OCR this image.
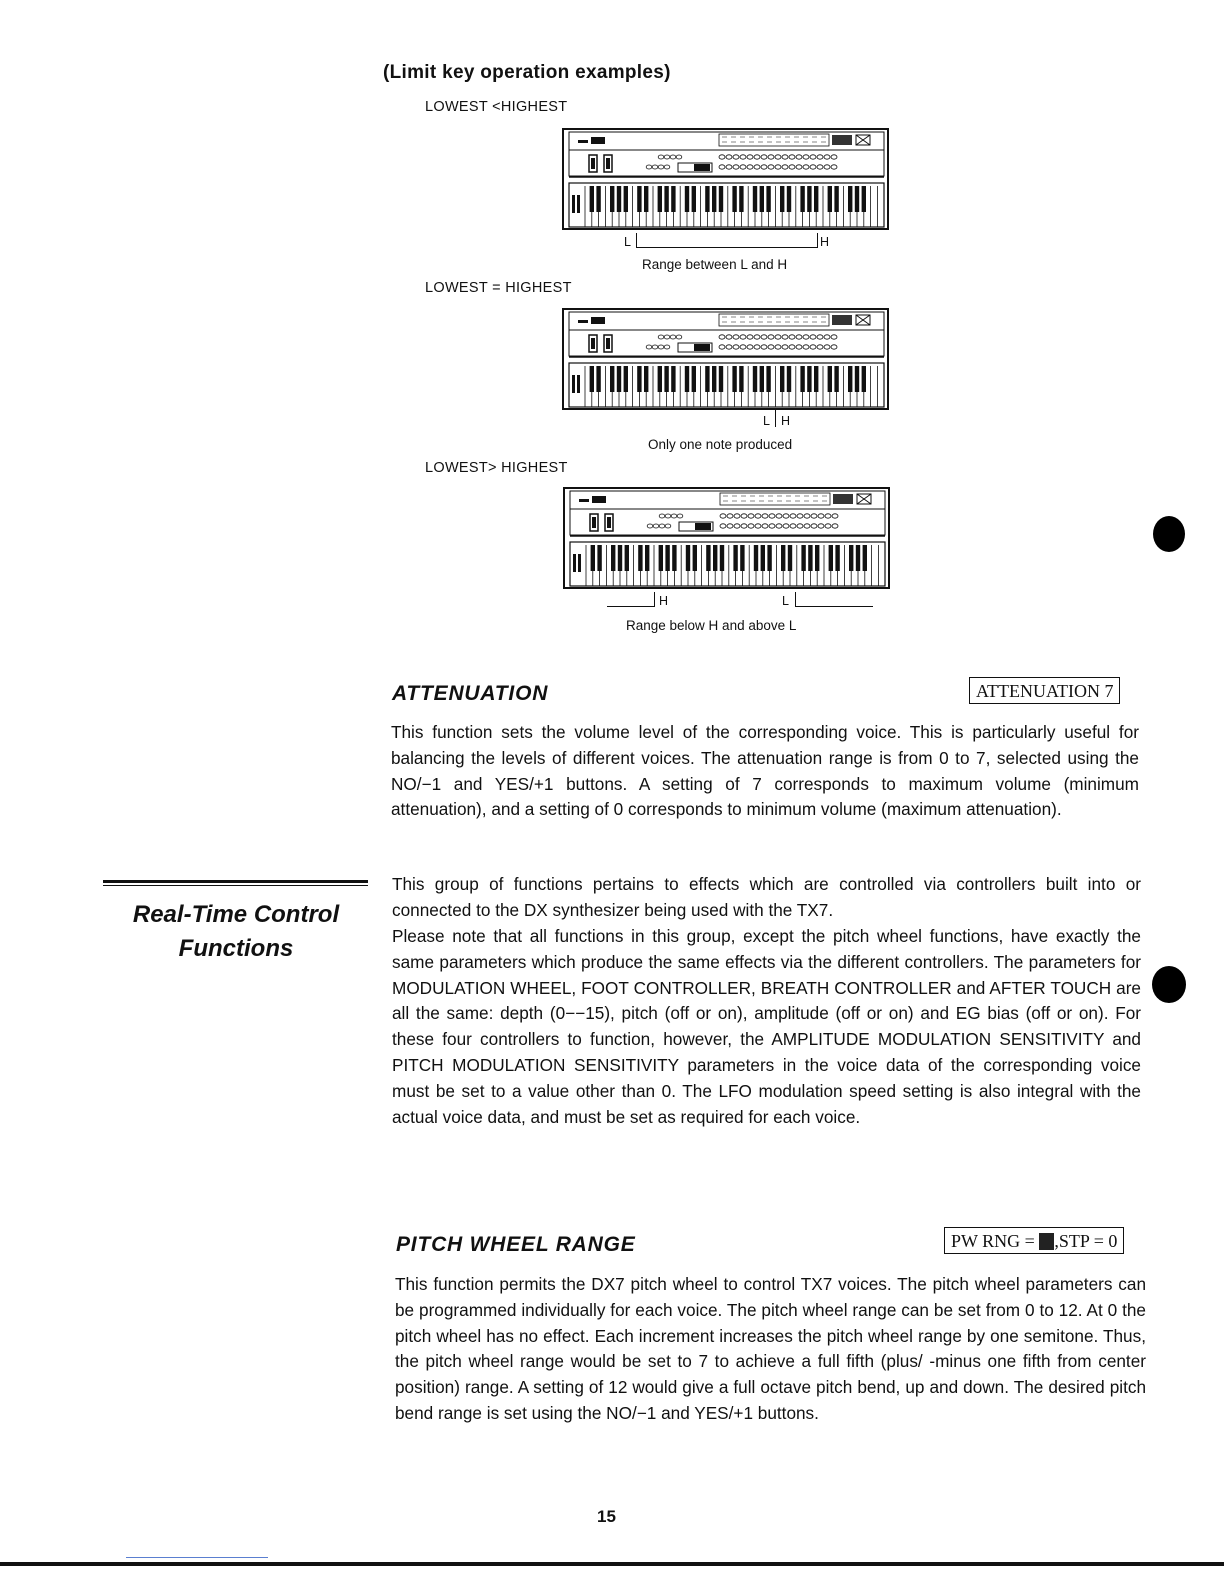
(Limit key operation examples)
LOWEST <HIGHEST
L	H
Range between L and H
LOWEST = HIGHEST
L H
Only one note produced
LOWEST> HIGHEST
H	L
Range below H and above L
ATTENUATION	ATTENUATION 7
This function sets the volume level of the corresponding voice. This is particularly useful for balancing the levels of different voices. The attenuation range is from 0 to 7, selected using the NO/−1 and YES/+1 buttons. A setting of 7 corresponds to maximum volume (minimum attenuation), and a setting of 0 corresponds to minimum volume (maximum attenuation).
Real-Time Control
Functions
This group of functions pertains to effects which are controlled via controllers built into or connected to the DX synthesizer being used with the TX7.
Please note that all functions in this group, except the pitch wheel functions, have exactly the same parameters which produce the same effects via the different controllers. The parameters for MODULATION WHEEL, FOOT CONTROLLER, BREATH CONTROLLER and AFTER TOUCH are all the same: depth (0−−15), pitch (off or on), amplitude (off or on) and EG bias (off or on). For these four controllers to function, however, the AMPLITUDE MODULATION SENSITIVITY and PITCH MODULATION SENSITIVITY parameters in the voice data of the corresponding voice must be set to a value other than 0. The LFO modulation speed setting is also integral with the actual voice data, and must be set as required for each voice.
PITCH WHEEL RANGE	PW RNG = ,STP = 0
This function permits the DX7 pitch wheel to control TX7 voices. The pitch wheel parameters can be programmed individually for each voice. The pitch wheel range can be set from 0 to 12. At 0 the pitch wheel has no effect. Each increment increases the pitch wheel range by one semitone. Thus, the pitch wheel range would be set to 7 to achieve a full fifth (plus/ -minus one fifth from center position) range. A setting of 12 would give a full octave pitch bend, up and down. The desired pitch bend range is set using the NO/−1 and YES/+1 buttons.
15
